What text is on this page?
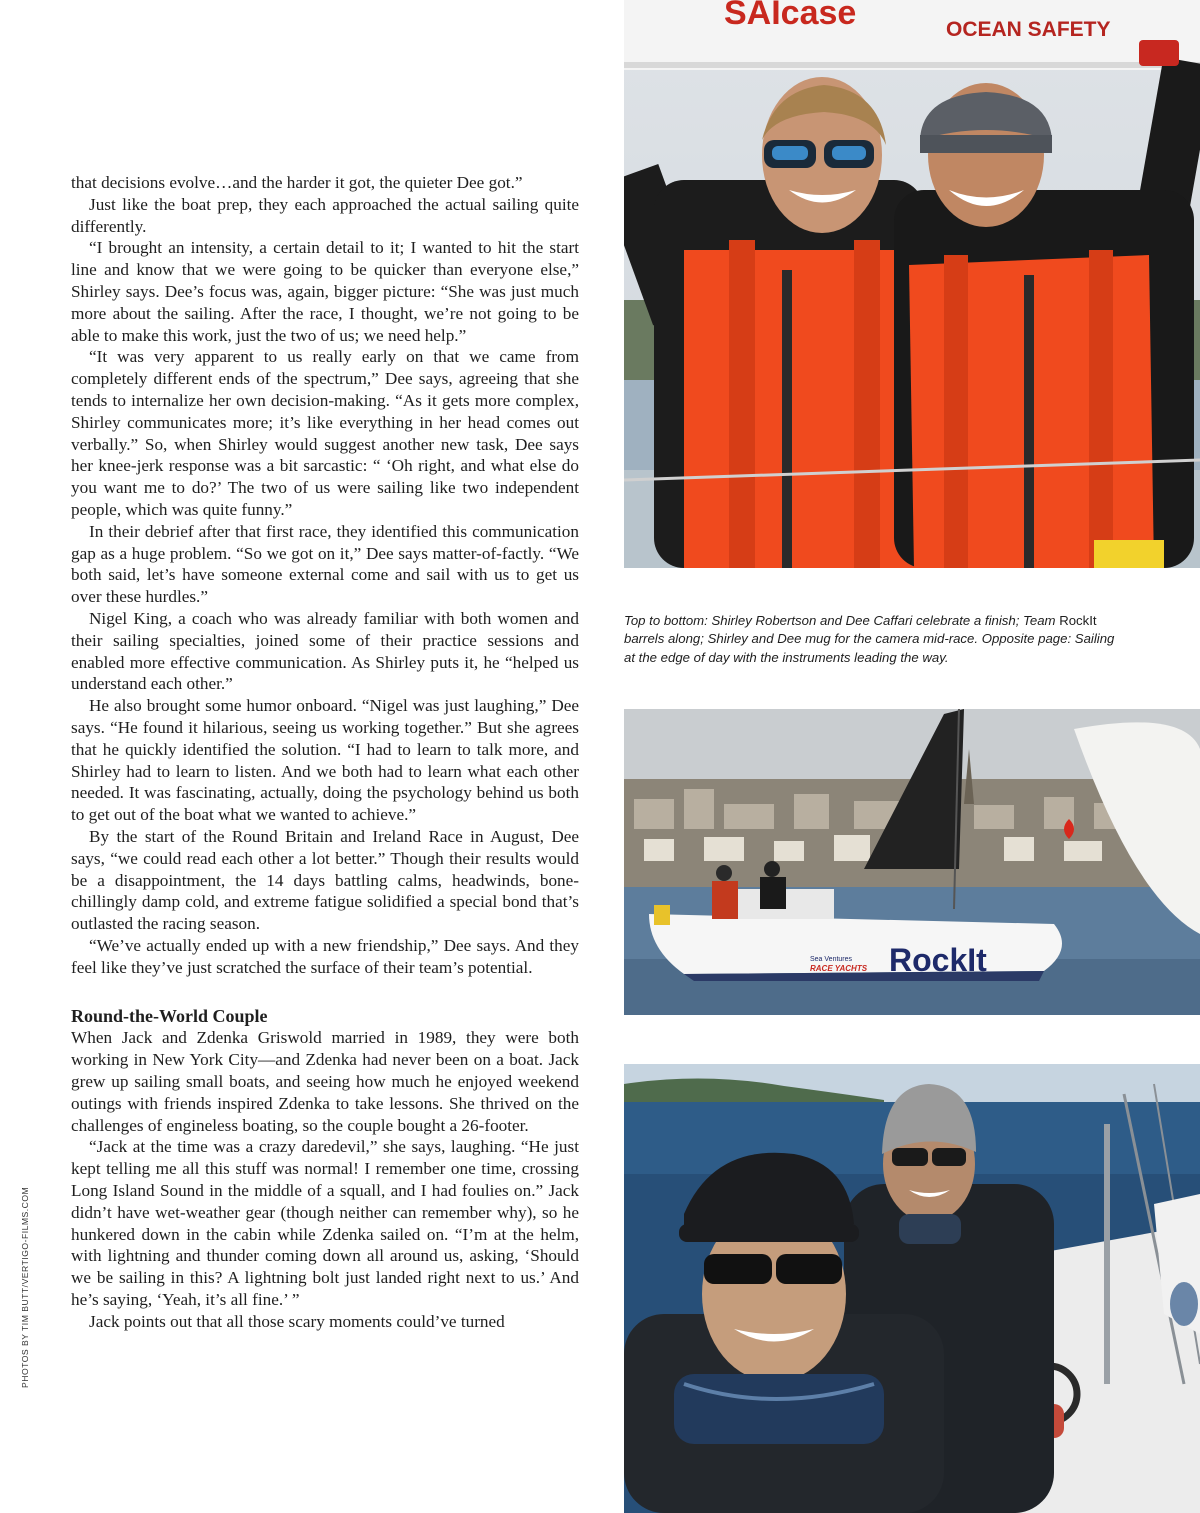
that decisions evolve…and the harder it got, the quieter Dee got.”

Just like the boat prep, they each approached the actual sailing quite differently.

“I brought an intensity, a certain detail to it; I wanted to hit the start line and know that we were going to be quicker than everyone else,” Shirley says. Dee’s focus was, again, bigger picture: “She was just much more about the sailing. After the race, I thought, we’re not going to be able to make this work, just the two of us; we need help.”

“It was very apparent to us really early on that we came from completely different ends of the spectrum,” Dee says, agreeing that she tends to internalize her own decision-making. “As it gets more complex, Shirley communicates more; it’s like everything in her head comes out verbally.” So, when Shirley would suggest another new task, Dee says her knee-jerk response was a bit sarcastic: “ ‘Oh right, and what else do you want me to do?’ The two of us were sailing like two independent people, which was quite funny.”

In their debrief after that first race, they identified this communication gap as a huge problem. “So we got on it,” Dee says matter-of-factly. “We both said, let’s have someone external come and sail with us to get us over these hurdles.”

Nigel King, a coach who was already familiar with both women and their sailing specialties, joined some of their practice sessions and enabled more effective communication. As Shirley puts it, he “helped us understand each other.”

He also brought some humor onboard. “Nigel was just laughing,” Dee says. “He found it hilarious, seeing us working together.” But she agrees that he quickly identified the solution. “I had to learn to talk more, and Shirley had to learn to listen. And we both had to learn what each other needed. It was fascinating, actually, doing the psychology behind us both to get out of the boat what we wanted to achieve.”

By the start of the Round Britain and Ireland Race in August, Dee says, “we could read each other a lot better.” Though their results would be a disappointment, the 14 days battling calms, headwinds, bone-chillingly damp cold, and extreme fatigue solidified a special bond that’s outlasted the racing season.

“We’ve actually ended up with a new friendship,” Dee says. And they feel like they’ve just scratched the surface of their team’s potential.

Round-the-World Couple

When Jack and Zdenka Griswold married in 1989, they were both working in New York City—and Zdenka had never been on a boat. Jack grew up sailing small boats, and seeing how much he enjoyed weekend outings with friends inspired Zdenka to take lessons. She thrived on the challenges of engineless boating, so the couple bought a 26-footer.

“Jack at the time was a crazy daredevil,” she says, laughing. “He just kept telling me all this stuff was normal! I remember one time, crossing Long Island Sound in the middle of a squall, and I had foulies on.” Jack didn’t have wet-weather gear (though neither can remember why), so he hunkered down in the cabin while Zdenka sailed on. “I’m at the helm, with lightning and thunder coming down all around us, asking, ‘Should we be sailing in this? A lightning bolt just landed right next to us.’ And he’s saying, ‘Yeah, it’s all fine.’ ”

Jack points out that all those scary moments could’ve turned

PHOTOS BY TIM BUTT/VERTIGO-FILMS.COM
SAIcase	OCEAN SAFETY
Top to bottom: Shirley Robertson and Dee Caffari celebrate a finish; Team RockIt barrels along; Shirley and Dee mug for the camera mid-race. Opposite page: Sailing at the edge of day with the instruments leading the way.
RockIt
Sea Ventures
RACE YACHTS
